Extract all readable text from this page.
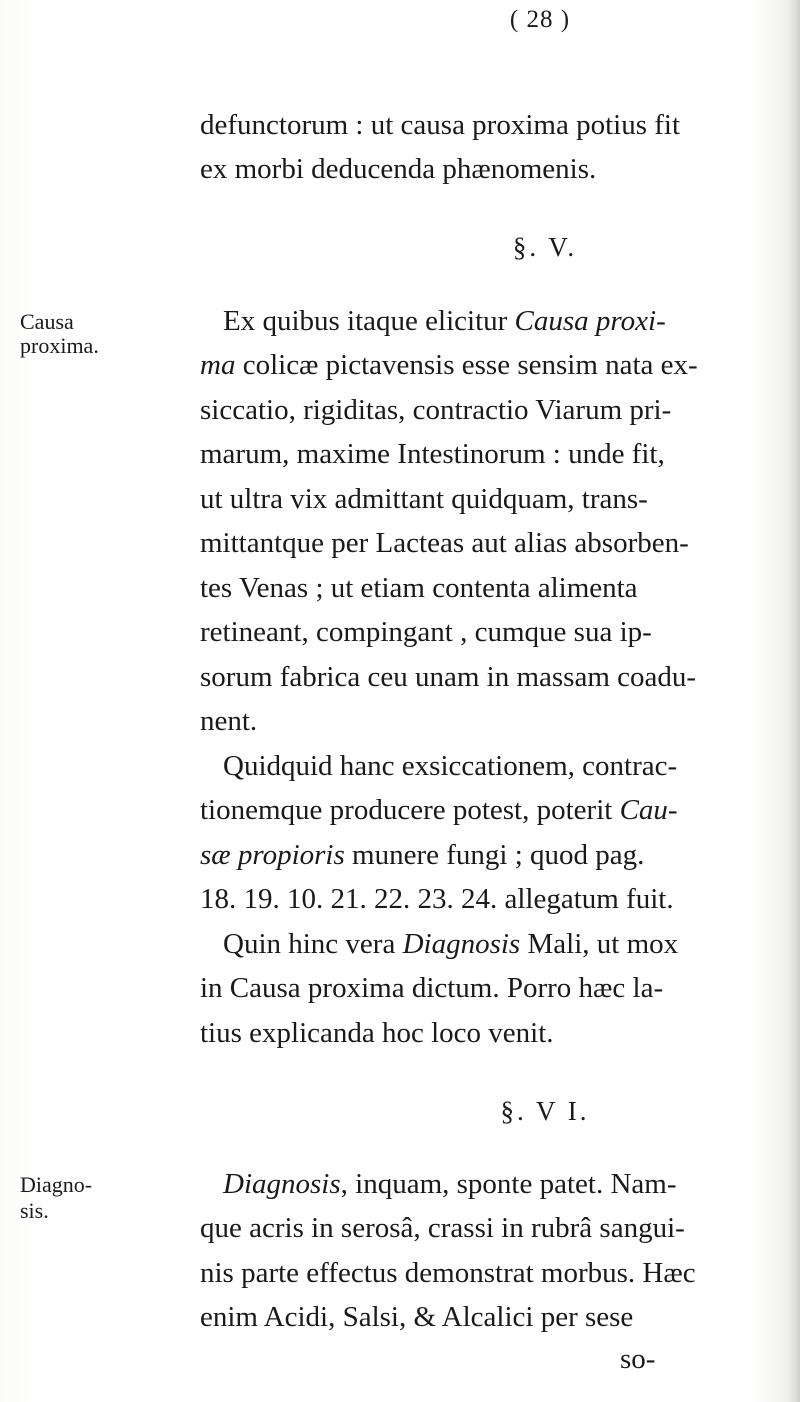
( 28 )
defunctorum : ut causa proxima potius fit
ex morbi deducenda phænomenis.
§. V.
Causa
proxima.
Ex quibus itaque elicitur Causa proxi-
ma colicæ pictavensis esse sensim nata ex-
siccatio, rigiditas, contractio Viarum pri-
marum, maxime Intestinorum : unde fit,
ut ultra vix admittant quidquam, trans-
mittantque per Lacteas aut alias absorben-
tes Venas ; ut etiam contenta alimenta
retineant, compingant , cumque sua ip-
sorum fabrica ceu unam in massam coadu-
nent.
Quidquid hanc exsiccationem, contrac-
tionemque producere potest, poterit Cau-
sæ propioris munere fungi ; quod pag.
18. 19. 10. 21. 22. 23. 24. allegatum fuit.
Quin hinc vera Diagnosis Mali, ut mox
in Causa proxima dictum. Porro hæc la-
tius explicanda hoc loco venit.
§. V I.
Diagno-
sis.
Diagnosis, inquam, sponte patet. Nam-
que acris in serosâ, crassi in rubrâ sangui-
nis parte effectus demonstrat morbus. Hæc
enim Acidi, Salsi, & Alcalici per sese
so-
